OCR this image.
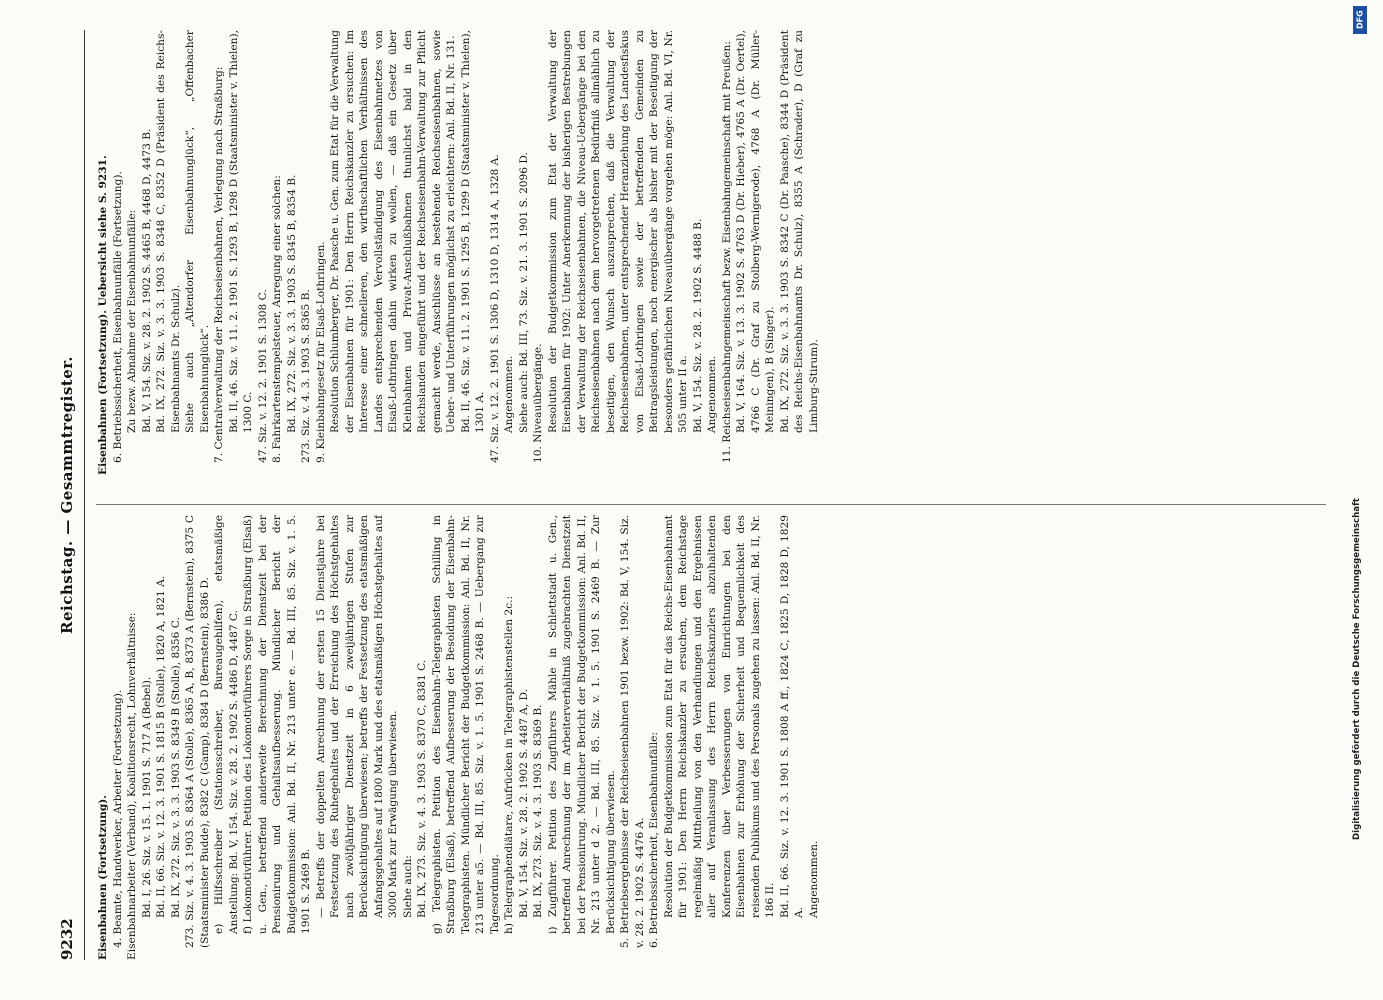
9232
Reichstag. — Gesammtregister.
Eisenbahnen (Fortsetzung). 4. Beamte, Handwerker, Arbeiter (Fortsetzung). Eisenbahnarbeiter (Verband), Koalitionsrecht, Lohnverhältnisse: Bd. I, 26. Siz. v. 15. 1. 1901 S. 717 A (Bebel). Bd. II, 66. Siz. v. 12. 3. 1901 S. 1815 B (Stolle), 1820 A, 1821 A. Bd. IX, 272. Siz. v. 3. 3. 1903 S. 8349 B (Stolle), 8356 C. 273. Siz. v. 4. 3. 1903 S. 8364 A (Stolle), 8365 A, B, 8373 A (Bernstein), 8375 C (Staatsminister Budde), 8382 C (Gamp), 8384 D (Bernstein), 8386 D. e) Hilfsschreiber (Stationsschreiber, Bureaugehilfen), etatsmäßige Anstellung: Bd. V, 154. Siz. v. 28. 2. 1902 S. 4486 D, 4487 C. f) Lokomotivführer. Petition des Lokomotivführers Sorge in Straßburg (Elsaß) u. Gen., betreffend anderweite Berechnung der Dienstzeit bei der Pensionirung und Gehaltsaufbesserung. Mündlicher Bericht der Budgetkommission: Anl. Bd. II, Nr. 213 unter e. — Bd. III, 85. Siz. v. 1. 5. 1901 S. 2469 B. — Betreffs der doppelten Anrechnung der ersten 15 Dienstjahre bei Festsetzung des Ruhegehaltes und der Erreichung des Höchstgehaltes nach zwölfjähriger Dienstzeit in 6 zweijährigen Stufen zur Berücksichtigung überwiesen; betreffs der Festsetzung des etatsmäßigen Anfangsgehaltes auf 1800 Mark und des etatsmäßigen Höchstgehaltes auf 3000 Mark zur Erwägung überwiesen. Siehe auch: Bd. IX, 273. Siz. v. 4. 3. 1903 S. 8370 C, 8381 C. g) Telegraphisten. Petition des Eisenbahn-Telegraphisten Schilling in Straßburg (Elsaß), betreffend Aufbesserung der Besoldung der Eisenbahn-Telegraphisten. Mündlicher Bericht der Budgetkommission: Anl. Bd. II, Nr. 213 unter a5. — Bd. III, 85. Siz. v. 1. 5. 1901 S. 2468 B. — Uebergang zur Tagesordnung. h) Telegraphendiätare, Aufrücken in Telegraphistenstellen 2c.: Bd. V, 154. Siz. v. 28. 2. 1902 S. 4487 A, D. Bd. IX, 273. Siz. v. 4. 3. 1903 S. 8369 B. i) Zugführer. Petition des Zugführers Mähle in Schlettstadt u. Gen., betreffend Anrechnung der im Arbeiterverhältniß zugebrachten Dienstzeit bei der Pensionirung. Mündlicher Bericht der Budgetkommission: Anl. Bd. II, Nr. 213 unter d 2. — Bd. III, 85. Siz. v. 1. 5. 1901 S. 2469 B. — Zur Berücksichtigung überwiesen. 5. Betriebsergebnisse der Reichseisenbahnen 1901 bezw. 1902: Bd. V, 154. Siz. v. 28. 2. 1902 S. 4476 A. 6. Betriebssicherheit, Eisenbahnunfälle: Resolution der Budgetkommission zum Etat für das Reichs-Eisenbahnamt für 1901: Den Herrn Reichskanzler zu ersuchen, dem Reichstage regelmäßig Mittheilung von den Verhandlungen und den Ergebnissen aller auf Veranlassung des Herrn Reichskanzlers abzuhaltenden Konferenzen über Verbesserungen von Einrichtungen bei den Eisenbahnen zur Erhöhung der Sicherheit und Bequemlichkeit des reisenden Publikums und des Personals zugehen zu lassen: Anl. Bd. II, Nr. 186 II. Bd. II, 66. Siz. v. 12. 3. 1901 S. 1808 A ff., 1824 C, 1825 D, 1828 D, 1829 A. Angenommen.
Eisenbahnen (Fortsetzung). Uebersicht siehe S. 9231. 6. Betriebssicherheit, Eisenbahnunfälle (Fortsetzung). Zu bezw. Abnahme der Eisenbahnunfälle: Bd. V, 154. Siz. v. 28. 2. 1902 S. 4465 B, 4468 D, 4473 B. Bd. IX, 272. Siz. v. 3. 3. 1903 S. 8348 C, 8352 D (Präsident des Reichs-Eisenbahnamts Dr. Schulz). Siehe auch „Altendorfer Eisenbahnunglück“, „Offenbacher Eisenbahnunglück“. 7. Centralverwaltung der Reichseisenbahnen, Verlegung nach Straßburg: Bd. II, 46. Siz. v. 11. 2. 1901 S. 1293 B, 1298 D (Staatsminister v. Thielen), 1300 C. 47. Siz. v. 12. 2. 1901 S. 1308 C. 8. Fahrkartenstempelsteuer, Anregung einer solchen: Bd. IX, 272. Siz. v. 3. 3. 1903 S. 8345 B, 8354 B. 273. Siz. v. 4. 3. 1903 S. 8365 B. 9. Kleinbahngesetz für Elsaß-Lothringen. Resolution Schlumberger, Dr. Paasche u. Gen. zum Etat für die Verwaltung der Eisenbahnen für 1901: Den Herrn Reichskanzler zu ersuchen: Im Interesse einer schnelleren, den wirthschaftlichen Verhältnissen des Landes entsprechenden Vervollständigung des Eisenbahnnetzes von Elsaß-Lothringen dahin wirken zu wollen, — daß ein Gesetz über Kleinbahnen und Privat-Anschlußbahnen thunlichst bald in den Reichslanden eingeführt und der Reichseisenbahn-Verwaltung zur Pflicht gemacht werde, Anschlüsse an bestehende Reichseisenbahnen, sowie Ueber- und Unterführungen möglichst zu erleichtern: Anl. Bd. II, Nr. 131. Bd. II, 46. Siz. v. 11. 2. 1901 S. 1295 B, 1299 D (Staatsminister v. Thielen), 1301 A. 47. Siz. v. 12. 2. 1901 S. 1306 D, 1310 D, 1314 A, 1328 A. Angenommen. Siehe auch: Bd. III, 73. Siz. v. 21. 3. 1901 S. 2096 D. 10. Niveauübergänge. Resolution der Budgetkommission zum Etat der Verwaltung der Eisenbahnen für 1902: Unter Anerkennung der bisherigen Bestrebungen der Verwaltung der Reichseisenbahnen, die Niveau-Uebergänge bei den Reichseisenbahnen nach dem hervorgetretenen Bedürfniß allmählich zu beseitigen, den Wunsch auszusprechen, daß die Verwaltung der Reichseisenbahnen, unter entsprechender Heranziehung des Landesfiskus von Elsaß-Lothringen sowie der betreffenden Gemeinden zu Beitragsleistungen, noch energischer als bisher mit der Beseitigung der besonders gefährlichen Niveauübergänge vorgehen möge: Anl. Bd. VI, Nr. 505 unter II a. Bd. V, 154. Siz. v. 28. 2. 1902 S. 4488 B. Angenommen. 11. Reichseisenbahngemeinschaft bezw. Eisenbahngemeinschaft mit Preußen: Bd. V, 164. Siz. v. 13. 3. 1902 S. 4763 D (Dr. Hieber), 4765 A (Dr. Oertel), 4766 C (Dr. Graf zu Stolberg-Wernigerode), 4768 A (Dr. Müller-Meiningen), B (Singer). Bd. IX, 272. Siz. v. 3. 3. 1903 S. 8342 C (Dr. Paasche), 8344 D (Präsident des Reichs-Eisenbahnamts Dr. Schulz), 8355 A (Schrader), D (Graf zu Limburg-Stirum).
DFG
Digitalisierung gefördert durch die Deutsche Forschungsgemeinschaft
